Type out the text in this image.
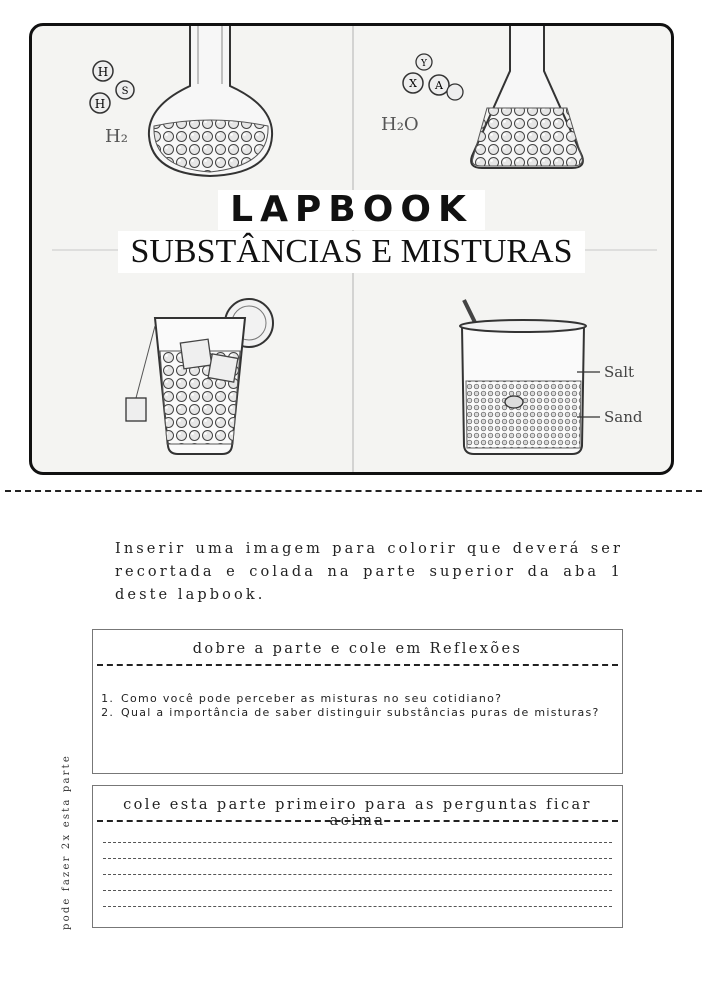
H
S
H
H₂
Y
X A
H₂O
Salt
Sand
LAPBOOK
SUBSTÂNCIAS E MISTURAS

Inserir uma imagem para colorir que deverá ser recortada e colada na parte superior da aba 1 deste lapbook.

dobre a parte e cole em Reflexões
1. Como você pode perceber as misturas no seu cotidiano?
2. Qual a importância de saber distinguir substâncias puras de misturas?
cole esta parte primeiro para as perguntas ficar acima
pode fazer 2x esta parte
